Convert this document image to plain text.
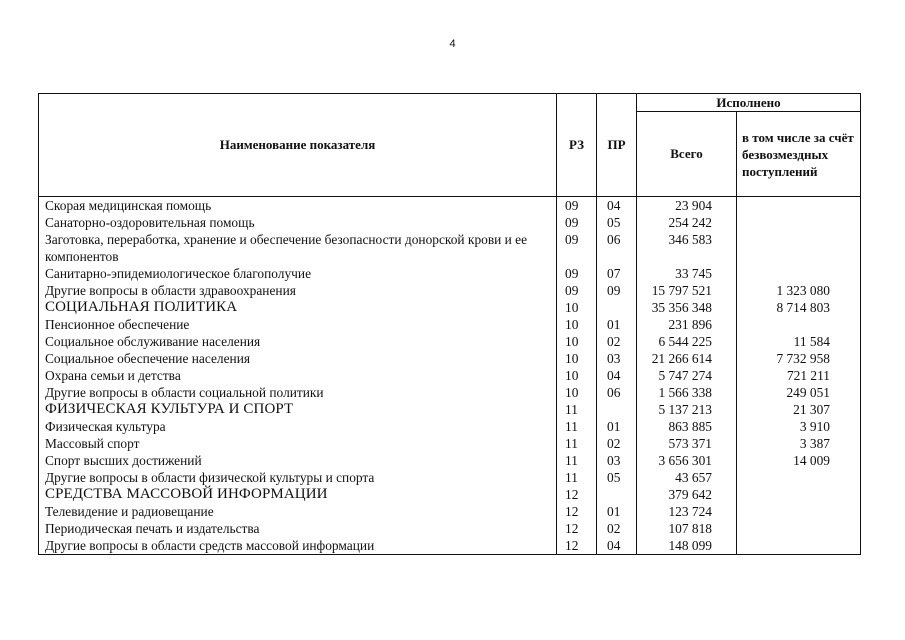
4
Наименование показателя	РЗ	ПР	Исполнено	
			Всего	в том числе за счёт безвозмездных поступлений
Скорая медицинская помощь	09	04	23 904	
Санаторно-оздоровительная помощь	09	05	254 242	
Заготовка, переработка, хранение и обеспечение безопасности донорской крови и ее компонентов	09	06	346 583	
Санитарно-эпидемиологическое благополучие	09	07	33 745	
Другие вопросы в области здравоохранения	09	09	15 797 521	1 323 080
СОЦИАЛЬНАЯ ПОЛИТИКА	10		35 356 348	8 714 803
Пенсионное обеспечение	10	01	231 896	
Социальное обслуживание населения	10	02	6 544 225	11 584
Социальное обеспечение населения	10	03	21 266 614	7 732 958
Охрана семьи и детства	10	04	5 747 274	721 211
Другие вопросы в области социальной политики	10	06	1 566 338	249 051
ФИЗИЧЕСКАЯ КУЛЬТУРА И СПОРТ	11		5 137 213	21 307
Физическая культура	11	01	863 885	3 910
Массовый спорт	11	02	573 371	3 387
Спорт высших достижений	11	03	3 656 301	14 009
Другие вопросы в области физической культуры и спорта	11	05	43 657	
СРЕДСТВА МАССОВОЙ ИНФОРМАЦИИ	12		379 642	
Телевидение и радиовещание	12	01	123 724	
Периодическая печать и издательства	12	02	107 818	
Другие вопросы в области средств массовой информации	12	04	148 099	
